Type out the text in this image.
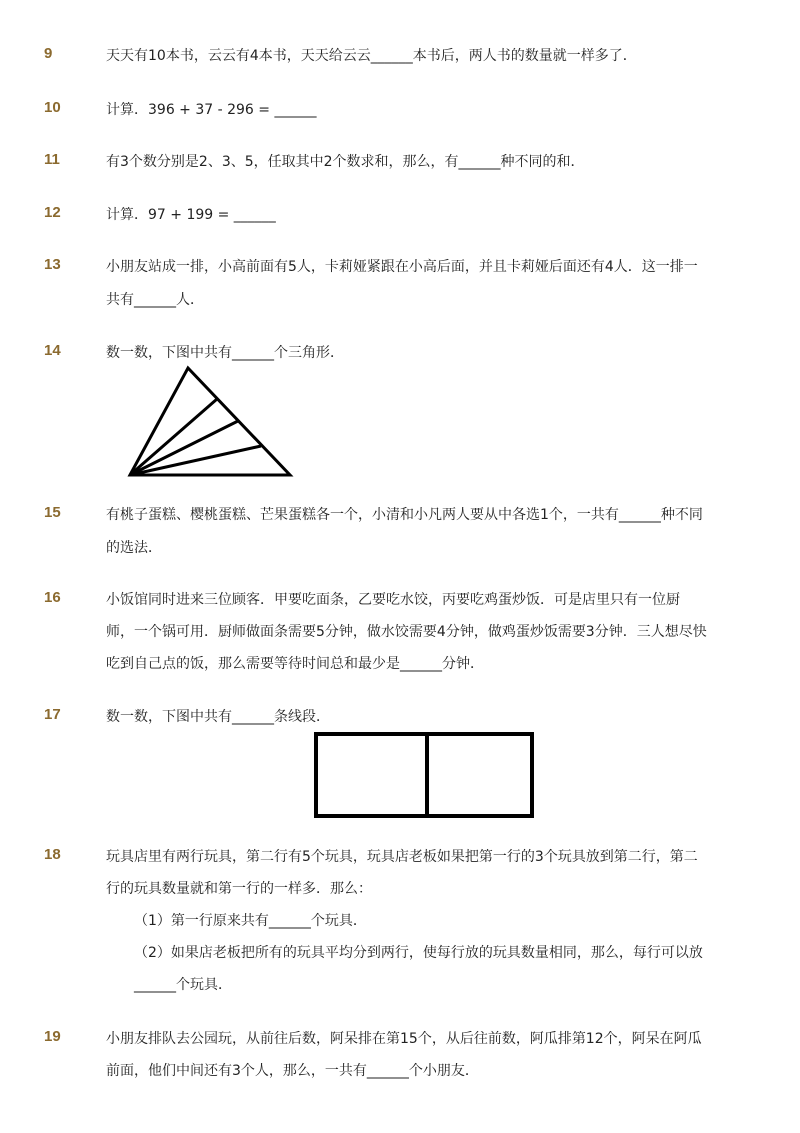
9	天天有10本书，云云有4本书，天天给云云______本书后，两人书的数量就一样多了．
10	计算．396 + 37 - 296 = ______
11	有3个数分别是2、3、5，任取其中2个数求和，那么，有______种不同的和．
12	计算．97 + 199 = ______
13	小朋友站成一排，小高前面有5人，卡莉娅紧跟在小高后面，并且卡莉娅后面还有4人．这一排一
共有______人．
14	数一数，下图中共有______个三角形．
15	有桃子蛋糕、樱桃蛋糕、芒果蛋糕各一个，小清和小凡两人要从中各选1个，一共有______种不同
的选法．
16	小饭馆同时进来三位顾客．甲要吃面条，乙要吃水饺，丙要吃鸡蛋炒饭．可是店里只有一位厨
师，一个锅可用．厨师做面条需要5分钟，做水饺需要4分钟，做鸡蛋炒饭需要3分钟．三人想尽快
吃到自己点的饭，那么需要等待时间总和最少是______分钟．
17	数一数，下图中共有______条线段．
18	玩具店里有两行玩具，第二行有5个玩具，玩具店老板如果把第一行的3个玩具放到第二行，第二
行的玩具数量就和第一行的一样多．那么：
（1）第一行原来共有______个玩具．
（2）如果店老板把所有的玩具平均分到两行，使每行放的玩具数量相同，那么，每行可以放
______个玩具．
19	小朋友排队去公园玩，从前往后数，阿呆排在第15个，从后往前数，阿瓜排第12个，阿呆在阿瓜
前面，他们中间还有3个人，那么，一共有______个小朋友．
